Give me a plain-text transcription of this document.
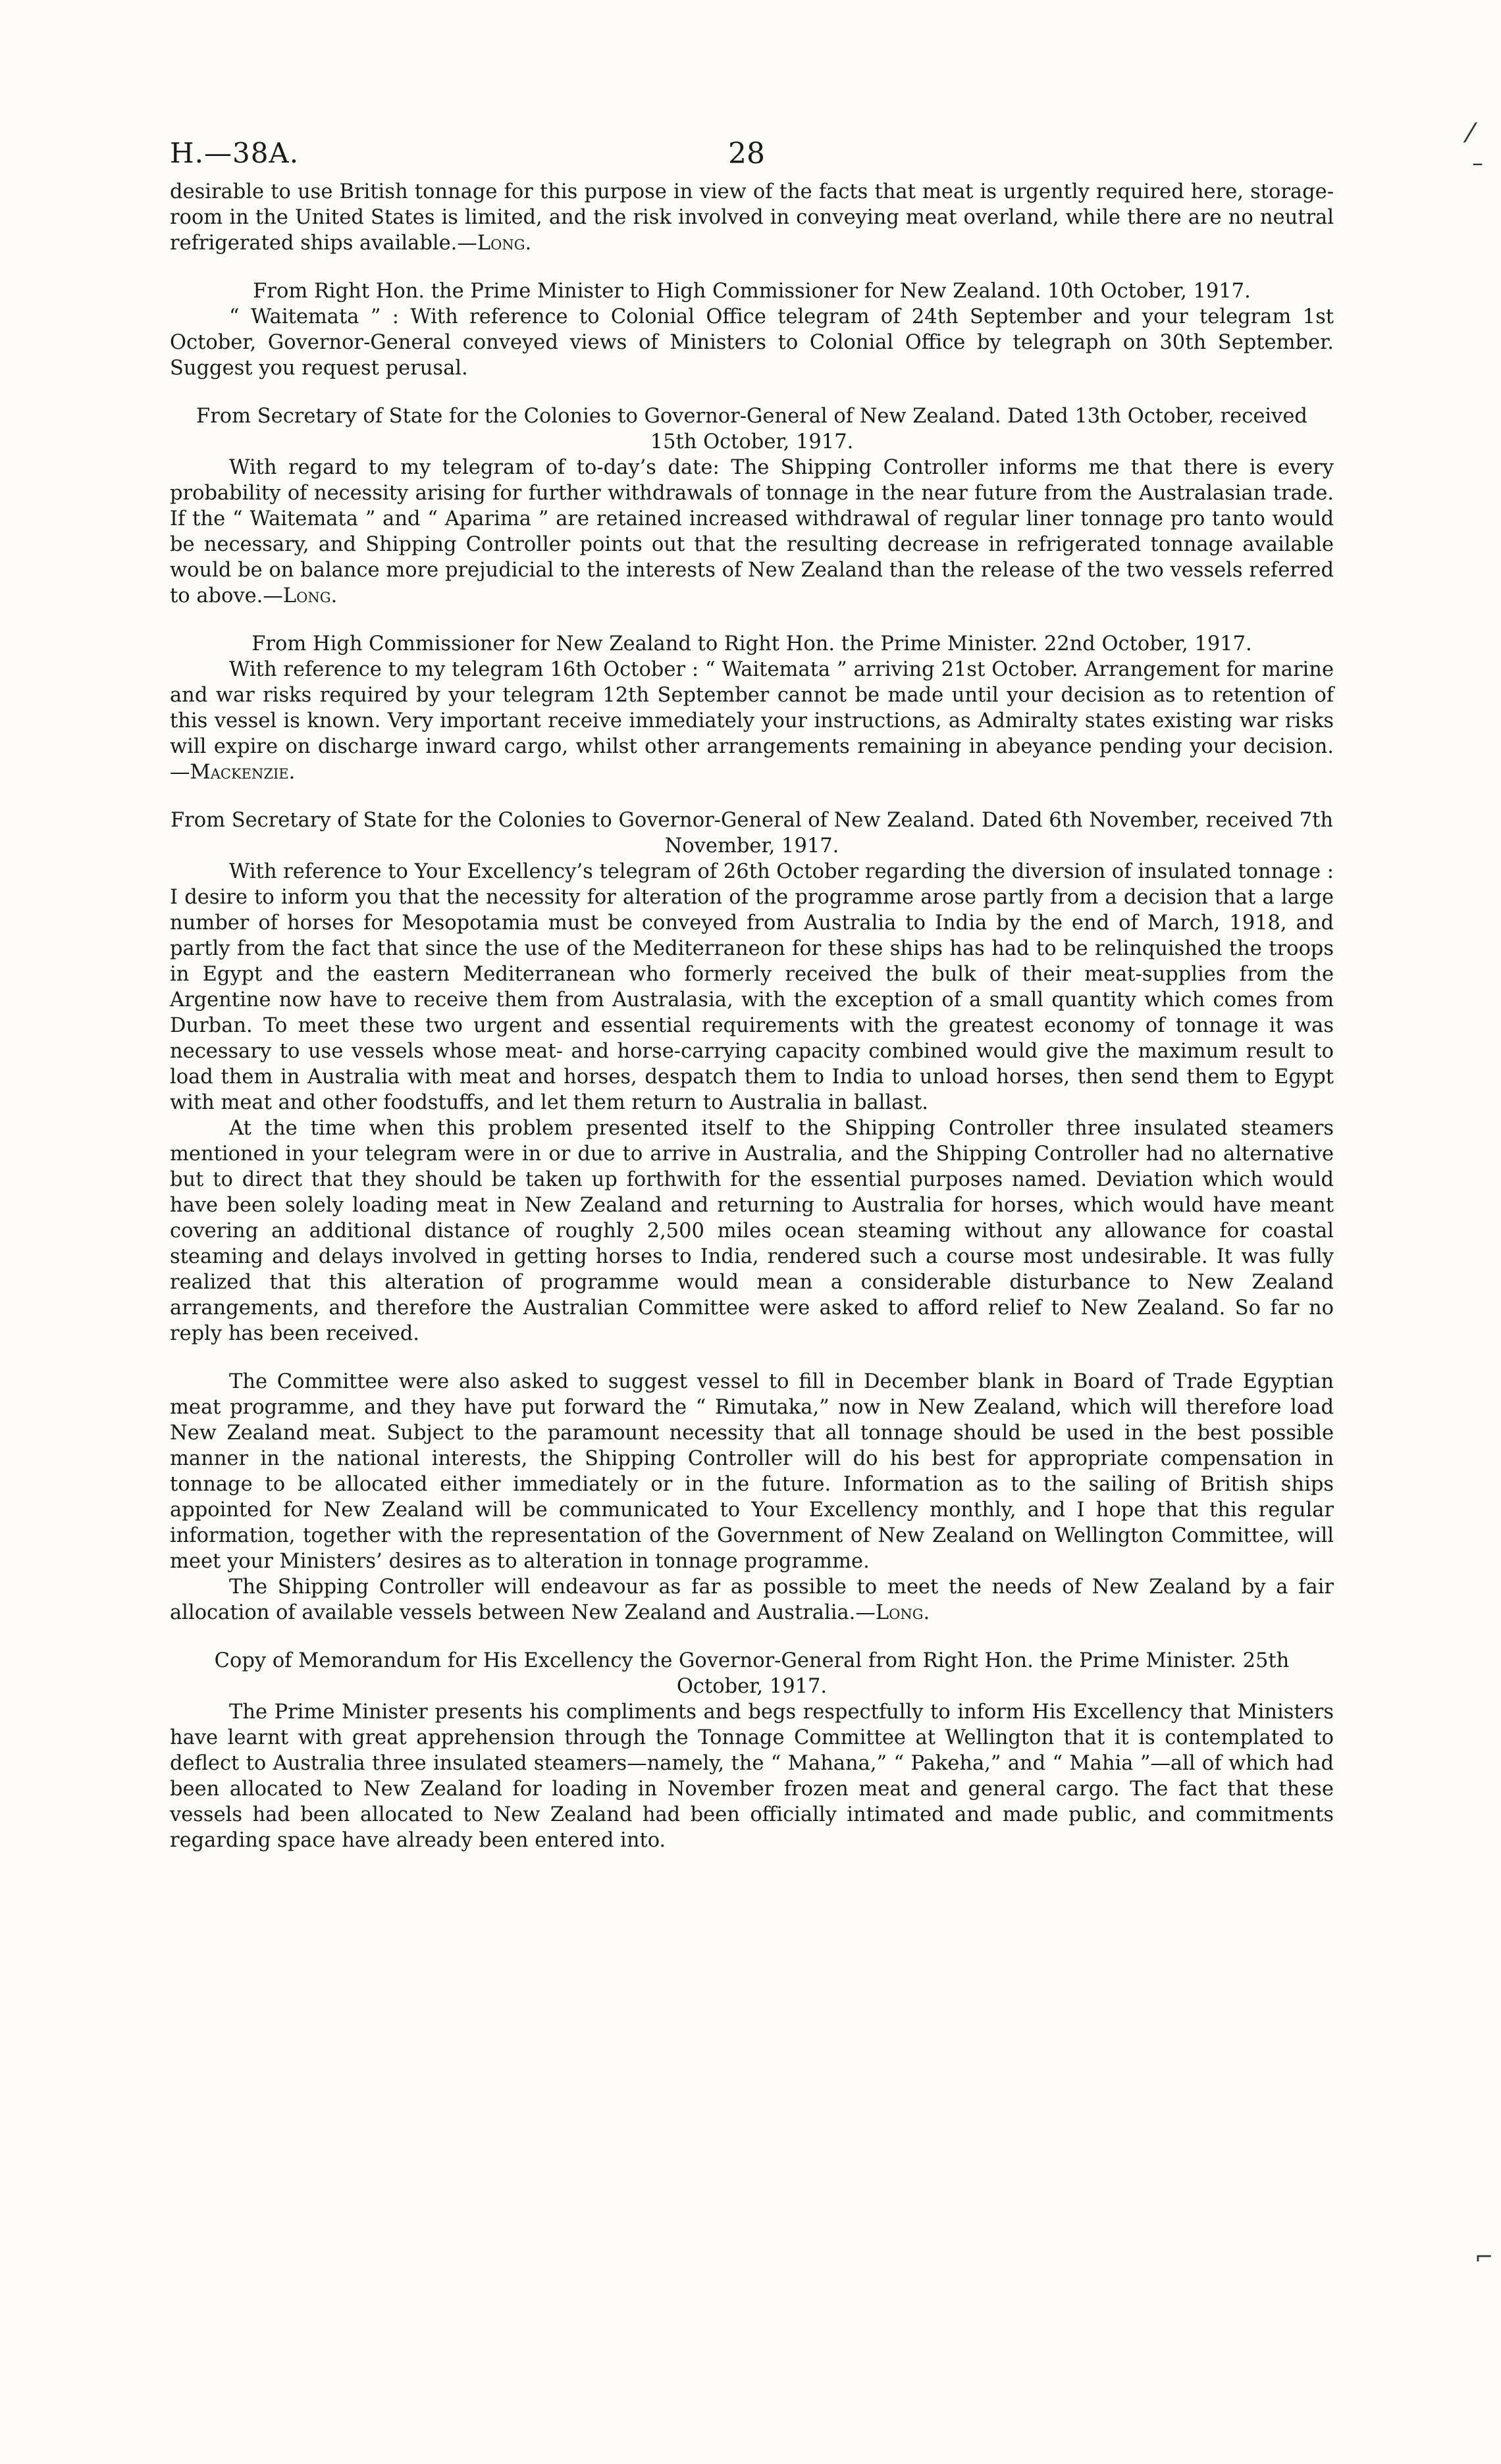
⁄
–
⌐
H.—38A.	28

desirable to use British tonnage for this purpose in view of the facts that meat is urgently required here, storage-room in the United States is limited, and the risk involved in conveying meat overland, while there are no neutral refrigerated ships available.—Long.

From Right Hon. the Prime Minister to High Commissioner for New Zealand. 10th October, 1917.

“ Waitemata ” : With reference to Colonial Office telegram of 24th September and your telegram 1st October, Governor-General conveyed views of Ministers to Colonial Office by telegraph on 30th September. Suggest you request perusal.

From Secretary of State for the Colonies to Governor-General of New Zealand. Dated 13th October, received 15th October, 1917.

With regard to my telegram of to-day’s date: The Shipping Controller informs me that there is every probability of necessity arising for further withdrawals of tonnage in the near future from the Australasian trade. If the “ Waitemata ” and “ Aparima ” are retained increased withdrawal of regular liner tonnage pro tanto would be necessary, and Shipping Controller points out that the resulting decrease in refrigerated tonnage available would be on balance more prejudicial to the interests of New Zealand than the release of the two vessels referred to above.—Long.

From High Commissioner for New Zealand to Right Hon. the Prime Minister. 22nd October, 1917.

With reference to my telegram 16th October : “ Waitemata ” arriving 21st October. Arrangement for marine and war risks required by your telegram 12th September cannot be made until your decision as to retention of this vessel is known. Very important receive immediately your instructions, as Admiralty states existing war risks will expire on discharge inward cargo, whilst other arrangements remaining in abeyance pending your decision.—Mackenzie.

From Secretary of State for the Colonies to Governor-General of New Zealand. Dated 6th November, received 7th November, 1917.

With reference to Your Excellency’s telegram of 26th October regarding the diversion of insulated tonnage : I desire to inform you that the necessity for alteration of the programme arose partly from a decision that a large number of horses for Mesopotamia must be conveyed from Australia to India by the end of March, 1918, and partly from the fact that since the use of the Mediterraneon for these ships has had to be relinquished the troops in Egypt and the eastern Mediterranean who formerly received the bulk of their meat-supplies from the Argentine now have to receive them from Australasia, with the exception of a small quantity which comes from Durban. To meet these two urgent and essential requirements with the greatest economy of tonnage it was necessary to use vessels whose meat- and horse-carrying capacity combined would give the maximum result to load them in Australia with meat and horses, despatch them to India to unload horses, then send them to Egypt with meat and other foodstuffs, and let them return to Australia in ballast.

At the time when this problem presented itself to the Shipping Controller three insulated steamers mentioned in your telegram were in or due to arrive in Australia, and the Shipping Controller had no alternative but to direct that they should be taken up forthwith for the essential purposes named. Deviation which would have been solely loading meat in New Zealand and returning to Australia for horses, which would have meant covering an additional distance of roughly 2,500 miles ocean steaming without any allowance for coastal steaming and delays involved in getting horses to India, rendered such a course most undesirable. It was fully realized that this alteration of programme would mean a considerable disturbance to New Zealand arrangements, and therefore the Australian Committee were asked to afford relief to New Zealand. So far no reply has been received.

The Committee were also asked to suggest vessel to fill in December blank in Board of Trade Egyptian meat programme, and they have put forward the “ Rimutaka,” now in New Zealand, which will therefore load New Zealand meat. Subject to the paramount necessity that all tonnage should be used in the best possible manner in the national interests, the Shipping Controller will do his best for appropriate compensation in tonnage to be allocated either immediately or in the future. Information as to the sailing of British ships appointed for New Zealand will be communicated to Your Excellency monthly, and I hope that this regular information, together with the representation of the Government of New Zealand on Wellington Committee, will meet your Ministers’ desires as to alteration in tonnage programme.

The Shipping Controller will endeavour as far as possible to meet the needs of New Zealand by a fair allocation of available vessels between New Zealand and Australia.—Long.

Copy of Memorandum for His Excellency the Governor-General from Right Hon. the Prime Minister. 25th October, 1917.

The Prime Minister presents his compliments and begs respectfully to inform His Excellency that Ministers have learnt with great apprehension through the Tonnage Committee at Wellington that it is contemplated to deflect to Australia three insulated steamers—namely, the “ Mahana,” “ Pakeha,” and “ Mahia ”—all of which had been allocated to New Zealand for loading in November frozen meat and general cargo. The fact that these vessels had been allocated to New Zealand had been officially intimated and made public, and commitments regarding space have already been entered into.
